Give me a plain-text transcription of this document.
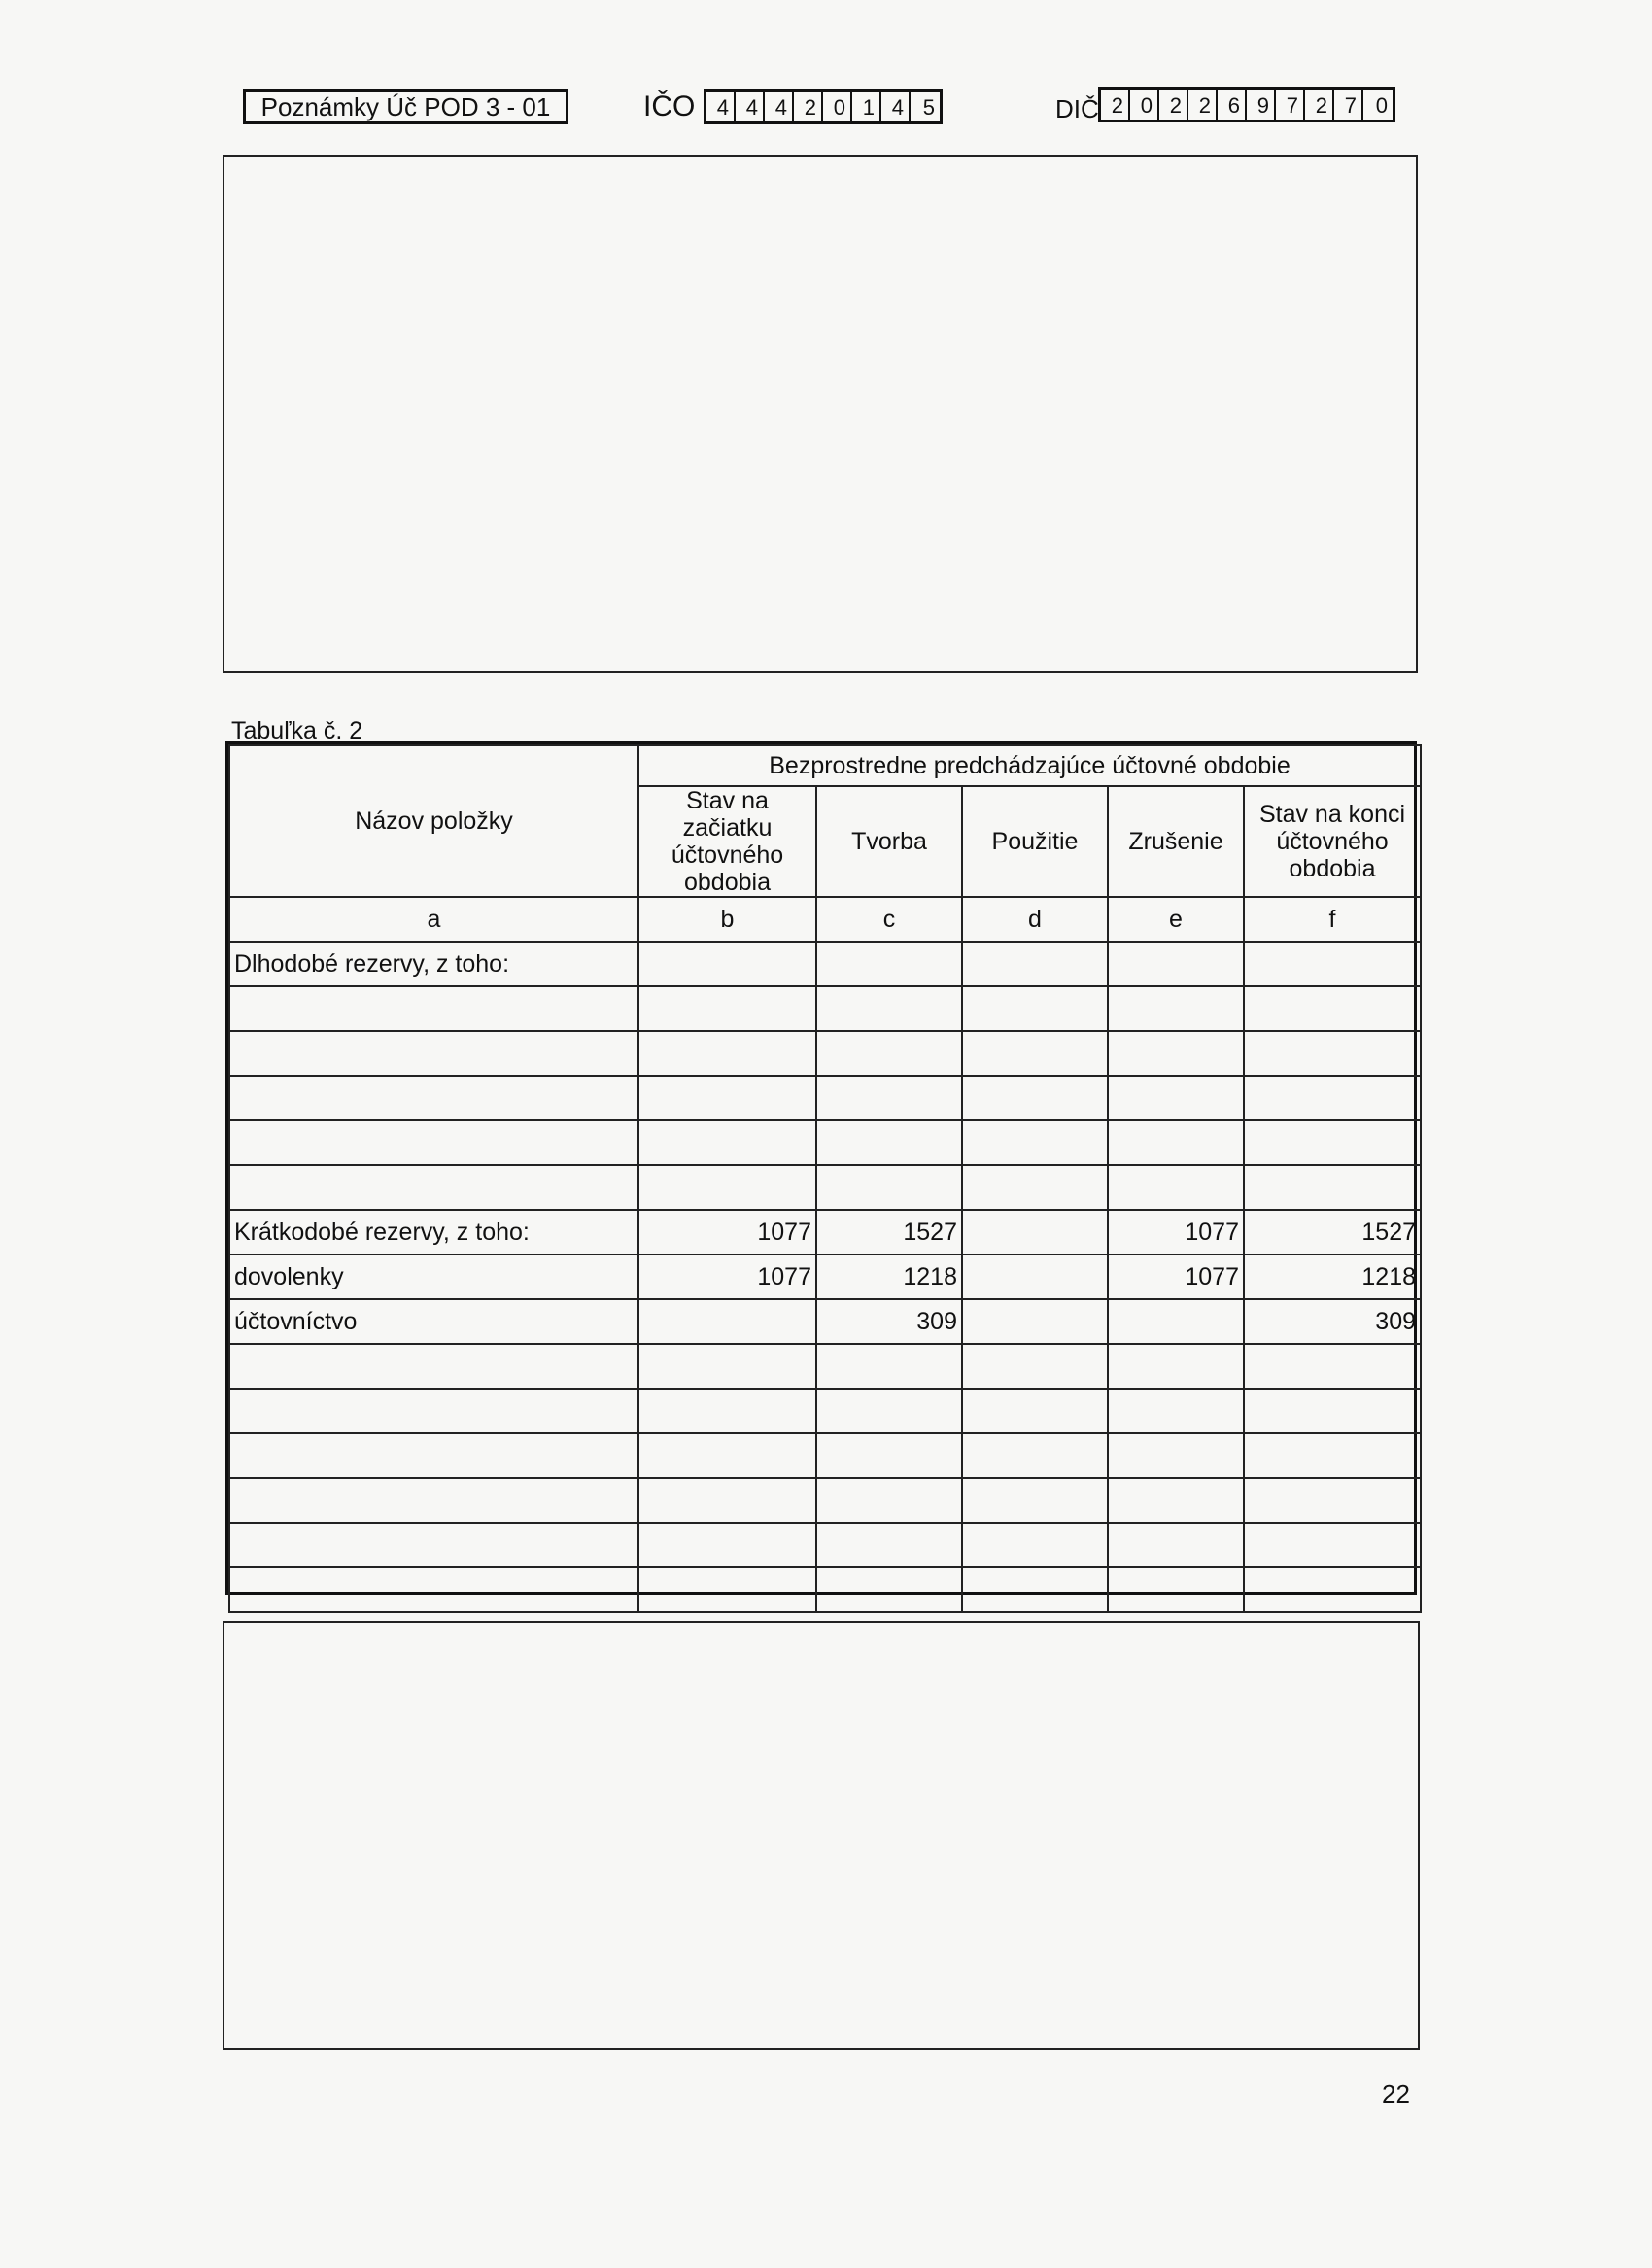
Poznámky Úč POD 3 - 01	IČO	4 4 4 2 0 1 4 5	DIČ 2 0 2 2 6 9 7 2 7 0
Tabuľka č. 2
Názov položky	Bezprostredne predchádzajúce účtovné obdobie				
	Stav na začiatku účtovného obdobia	Tvorba	Použitie	Zrušenie	Stav na konci účtovného obdobia
a	b	c	d	e	f
Dlhodobé rezervy, z toho:					

Krátkodobé rezervy, z toho:	1077	1527		1077	1527
dovolenky	1077	1218		1077	1218
účtovníctvo		309			309

22
